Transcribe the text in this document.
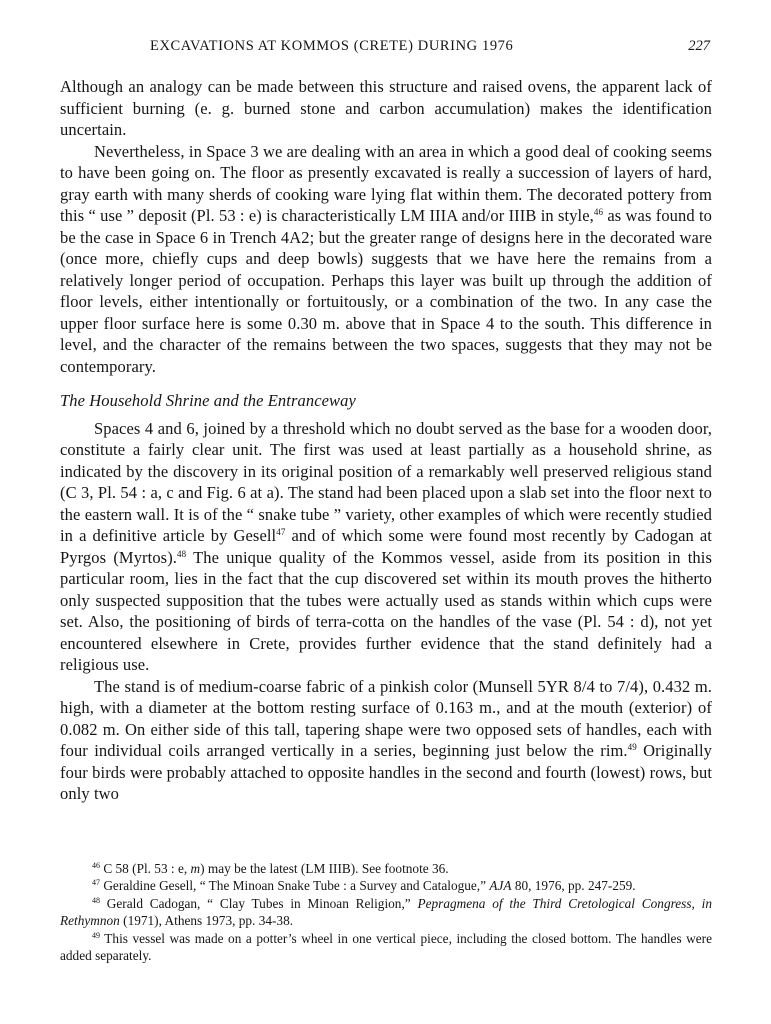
EXCAVATIONS AT KOMMOS (CRETE) DURING 1976	227

Although an analogy can be made between this structure and raised ovens, the apparent lack of sufficient burning (e. g. burned stone and carbon accumulation) makes the identification uncertain.

Nevertheless, in Space 3 we are dealing with an area in which a good deal of cooking seems to have been going on. The floor as presently excavated is really a succession of layers of hard, gray earth with many sherds of cooking ware lying flat within them. The decorated pottery from this “ use ” deposit (Pl. 53 : e) is characteristically LM IIIA and/or IIIB in style,$^{46}$ as was found to be the case in Space 6 in Trench 4A2; but the greater range of designs here in the decorated ware (once more, chiefly cups and deep bowls) suggests that we have here the remains from a relatively longer period of occupation. Perhaps this layer was built up through the addition of floor levels, either intentionally or fortuitously, or a combination of the two. In any case the upper floor surface here is some 0.30 m. above that in Space 4 to the south. This difference in level, and the character of the remains between the two spaces, suggests that they may not be contemporary.

The Household Shrine and the Entranceway

Spaces 4 and 6, joined by a threshold which no doubt served as the base for a wooden door, constitute a fairly clear unit. The first was used at least partially as a household shrine, as indicated by the discovery in its original position of a remarkably well preserved religious stand (C 3, Pl. 54 : a, c and Fig. 6 at a). The stand had been placed upon a slab set into the floor next to the eastern wall. It is of the “ snake tube ” variety, other examples of which were recently studied in a definitive article by Gesell$^{47}$ and of which some were found most recently by Cadogan at Pyrgos (Myrtos).$^{48}$ The unique quality of the Kommos vessel, aside from its position in this particular room, lies in the fact that the cup discovered set within its mouth proves the hitherto only suspected supposition that the tubes were actually used as stands within which cups were set. Also, the positioning of birds of terra-cotta on the handles of the vase (Pl. 54 : d), not yet encountered elsewhere in Crete, provides further evidence that the stand definitely had a religious use.

The stand is of medium-coarse fabric of a pinkish color (Munsell 5YR 8/4 to 7/4), 0.432 m. high, with a diameter at the bottom resting surface of 0.163 m., and at the mouth (exterior) of 0.082 m. On either side of this tall, tapering shape were two opposed sets of handles, each with four individual coils arranged vertically in a series, beginning just below the rim.$^{49}$ Originally four birds were probably attached to opposite handles in the second and fourth (lowest) rows, but only two

$^{46}$ C 58 (Pl. 53 : e, m) may be the latest (LM IIIB). See footnote 36.

$^{47}$ Geraldine Gesell, “ The Minoan Snake Tube : a Survey and Catalogue,” AJA 80, 1976, pp. 247-259.

$^{48}$ Gerald Cadogan, “ Clay Tubes in Minoan Religion,” Pepragmena of the Third Cretological Congress, in Rethymnon (1971), Athens 1973, pp. 34-38.

$^{49}$ This vessel was made on a potter’s wheel in one vertical piece, including the closed bottom. The handles were added separately.
